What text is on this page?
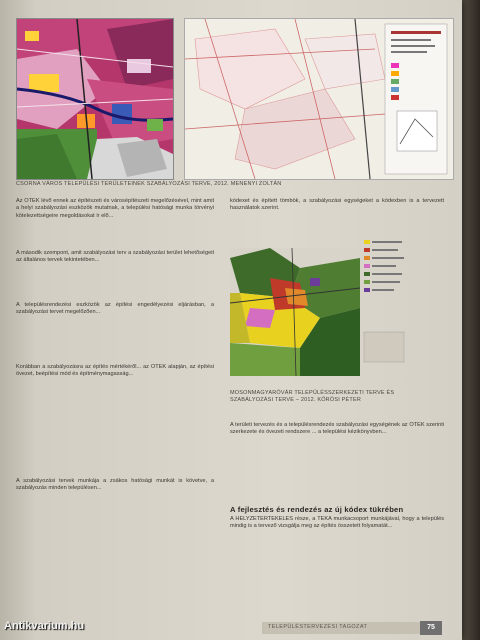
CSORNA VÁROS TELEPÜLÉSI TERÜLETEINEK SZABÁLYOZÁSI TERVE, 2012. MENENYI ZOLTÁN
Az OTÉK lévő ennek az építészeti és városépítészeti megelőzésével, mint amit a helyi szabályozási eszközök mutatnak, a települési hatósági munka törvényi kötelezettségeire megoldásokat ír elő...
A második szempont, amit szabályozási terv a szabályozási terület lehetőségeit az általános tervek tekintetében...
A településrendezési eszközök az építési engedélyezési eljárásban, a szabályozási tervet megelőzően...
Korábban a szabályozásra az építés mértékéről... az OTÉK alapján, az építési övezet, beépítési mód és építménymagasság...
A szabályozási tervek munkája a zsákos hatósági munkát is követve, a szabályozás minden településen...
kódexet és épített tömbök, a szabályozási egységeket a kódexben is a tervezett használatok szerint.
MOSONMAGYARÓVÁR TELEPÜLÉSSZERKEZETI TERVE ÉS SZABÁLYOZÁSI TERVE – 2012. KŐRÖSI PÉTER
A területi tervezés és a településrendezés szabályozási egységének az OTÉK szerinti szerkezete és övezeti rendszere ... a települési kézikönyvben...
A fejlesztés és rendezés az új kódex tükrében
A HELYZETÉRTÉKELÉS része, a TÉKA munkacsoport munkájával, hogy a település mindig is a tervező vizsgálja meg az építés összetett folyamatát...
TELEPÜLÉSTERVEZÉSI TAGOZAT	75
Antikvarium.hu
